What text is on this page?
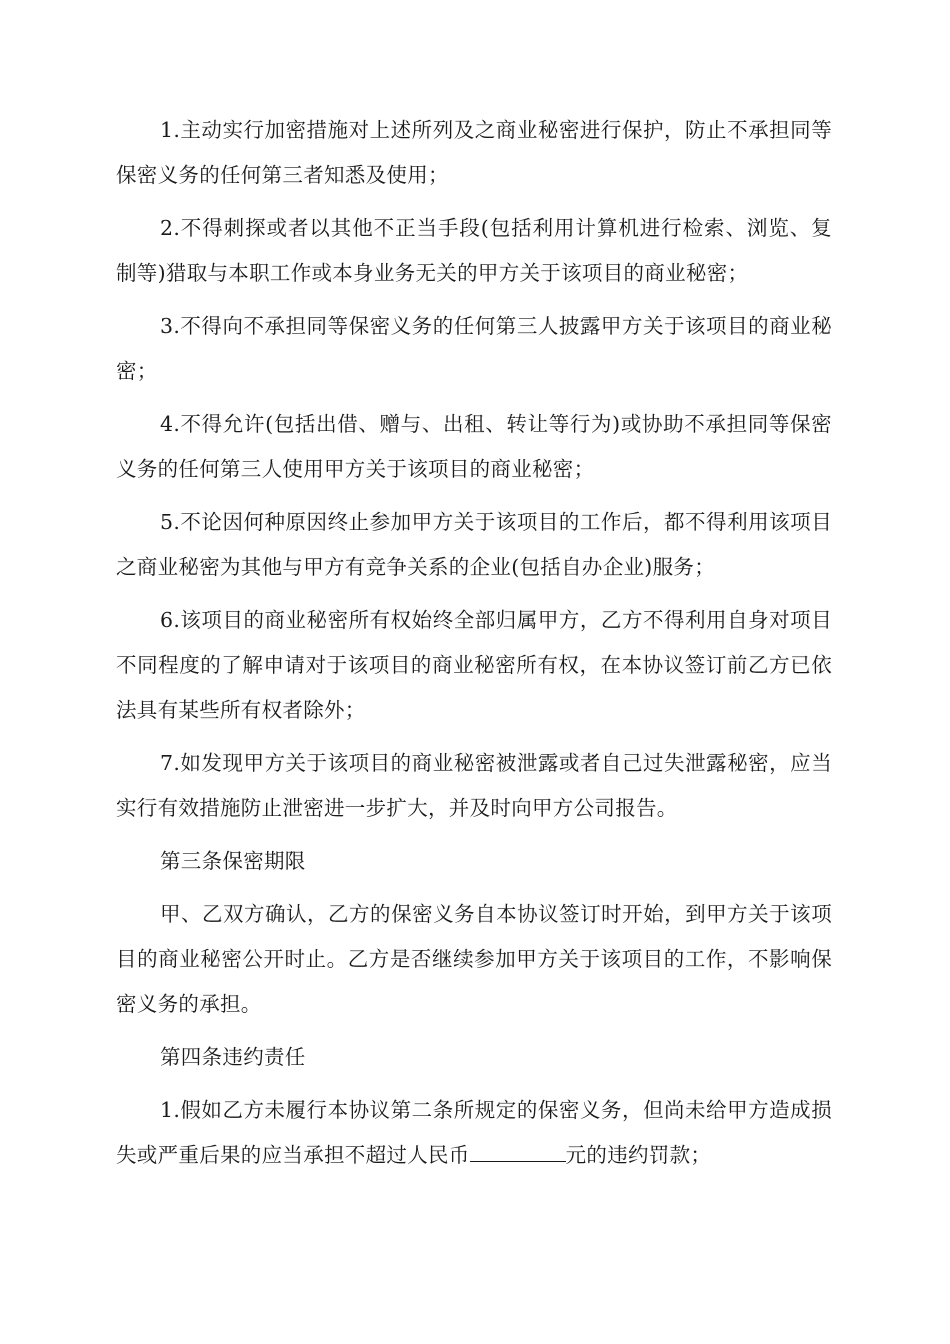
1.主动实行加密措施对上述所列及之商业秘密进行保护，防止不承担同等保密义务的任何第三者知悉及使用；

2.不得刺探或者以其他不正当手段(包括利用计算机进行检索、浏览、复制等)猎取与本职工作或本身业务无关的甲方关于该项目的商业秘密；

3.不得向不承担同等保密义务的任何第三人披露甲方关于该项目的商业秘密；

4.不得允许(包括出借、赠与、出租、转让等行为)或协助不承担同等保密义务的任何第三人使用甲方关于该项目的商业秘密；

5.不论因何种原因终止参加甲方关于该项目的工作后，都不得利用该项目之商业秘密为其他与甲方有竞争关系的企业(包括自办企业)服务；

6.该项目的商业秘密所有权始终全部归属甲方，乙方不得利用自身对项目不同程度的了解申请对于该项目的商业秘密所有权，在本协议签订前乙方已依法具有某些所有权者除外；

7.如发现甲方关于该项目的商业秘密被泄露或者自己过失泄露秘密，应当实行有效措施防止泄密进一步扩大，并及时向甲方公司报告。

第三条保密期限

甲、乙双方确认，乙方的保密义务自本协议签订时开始，到甲方关于该项目的商业秘密公开时止。乙方是否继续参加甲方关于该项目的工作，不影响保密义务的承担。

第四条违约责任

1.假如乙方未履行本协议第二条所规定的保密义务，但尚未给甲方造成损失或严重后果的应当承担不超过人民币	元的违约罚款；
